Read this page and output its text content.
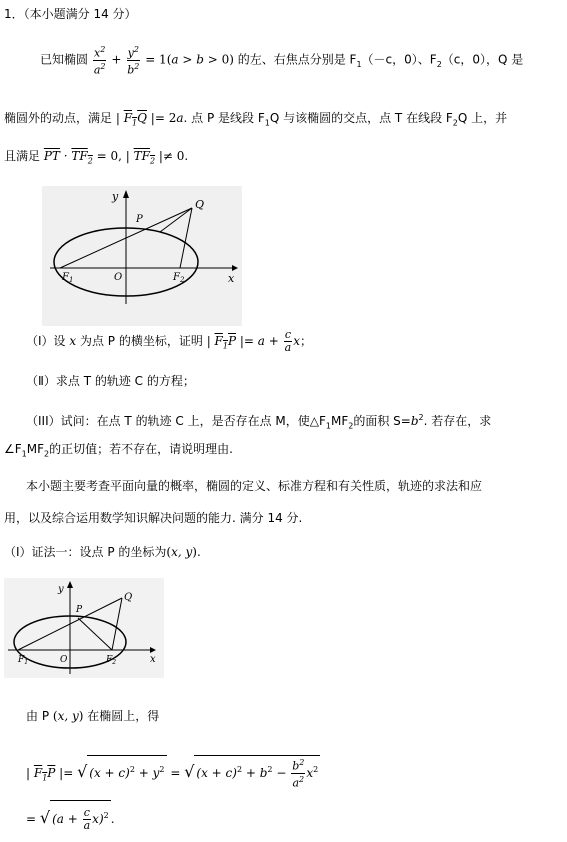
1．（本小题满分 14 分）
已知椭圆 $\frac{x^2}{a^2} + \frac{y^2}{b^2} = 1(a > b > 0)$ 的左、右焦点分别是 $F_1(-c$，0）、$F_2(c$，0），Q 是
椭圆外的动点，满足 | $F_1Q$ |= 2a. 点 P 是线段 $F_1Q$ 与该椭圆的交点，点 T 在线段 $F_2Q$ 上，并
且满足 $\overline{PT} \cdot TF_2 = 0$, | $TF_2$ |≠ 0.
y
x
P
Q
$F_1$	$F_2$
O
（Ⅰ）设 x 为点 P 的横坐标，证明 | $F_1P$ |= $a + \frac{c}{a}$ x；
（Ⅱ）求点 T 的轨迹 C 的方程；
（III）试问：在点 T 的轨迹 C 上，是否存在点 M，使$\triangle F_1MF_2$的面积 $S=b^2$. 若存在，求
$\angle F_1MF_2$的正切值；若不存在，请说明理由.
本小题主要考查平面向量的概率，椭圆的定义、标准方程和有关性质，轨迹的求法和应
用，以及综合运用数学知识解决问题的能力. 满分 14 分.
（Ⅰ）证法一：设点 P 的坐标为(x, y).
y
x
P
Q
$F_1$	$F_2$
O
由 P (x, y) 在椭圆上，得
| $F_1P$ |= √ $(x + c)^2 + y^2$ = √ $(x + c)^2 + b^2 - \frac{b^2}{a^2} x^2$
= √ $(a + \frac{c}{a} x)^2$ .
